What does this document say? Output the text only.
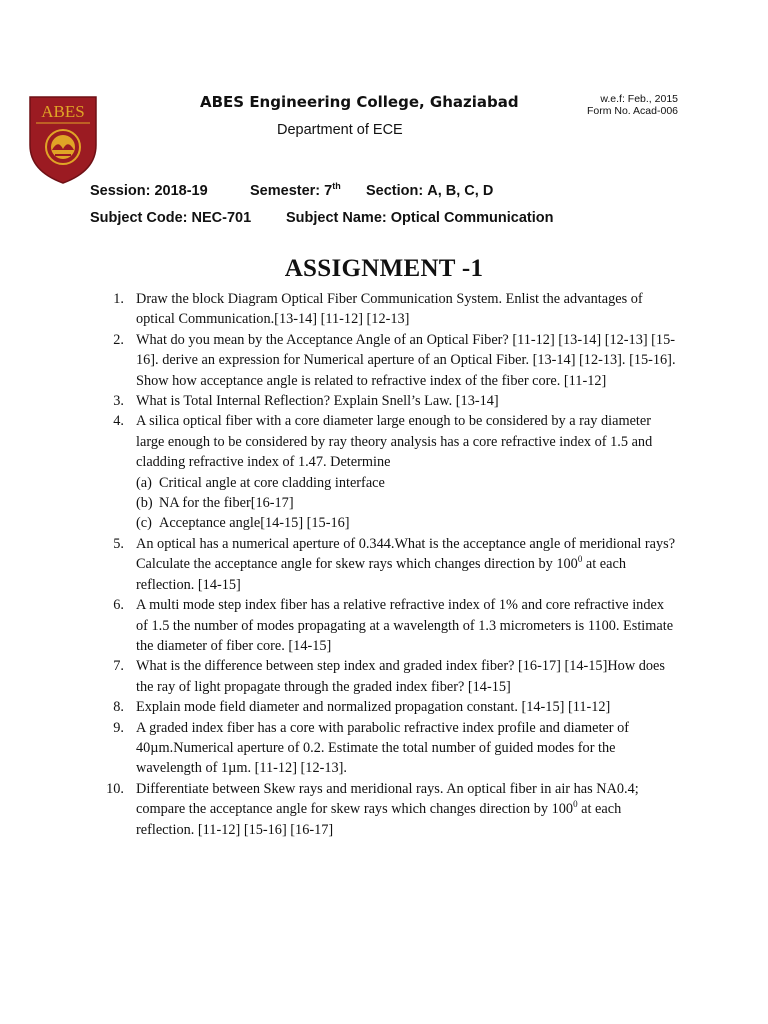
ABES	ABES Engineering College, Ghaziabad
Department of ECE
w.e.f: Feb., 2015
Form No. Acad-006
Session: 2018-19	Semester: 7th Section: A, B, C, D
Subject Code: NEC-701 Subject Name: Optical Communication
ASSIGNMENT -1
1. Draw the block Diagram Optical Fiber Communication System. Enlist the advantages of optical Communication.[13-14] [11-12] [12-13]
2. What do you mean by the Acceptance Angle of an Optical Fiber? [11-12] [13-14] [12-13] [15-16]. derive an expression for Numerical aperture of an Optical Fiber. [13-14] [12-13]. [15-16]. Show how acceptance angle is related to refractive index of the fiber core. [11-12]
3. What is Total Internal Reflection? Explain Snell’s Law. [13-14]
4. A silica optical fiber with a core diameter large enough to be considered by a ray diameter large enough to be considered by ray theory analysis has a core refractive index of 1.5 and cladding refractive index of 1.47. Determine
(a) Critical angle at core cladding interface
(b) NA for the fiber[16-17]
(c) Acceptance angle[14-15] [15-16]
5. An optical has a numerical aperture of 0.344.What is the acceptance angle of meridional rays? Calculate the acceptance angle for skew rays which changes direction by $100^0$ at each reflection. [14-15]
6. A multi mode step index fiber has a relative refractive index of 1% and core refractive index of 1.5 the number of modes propagating at a wavelength of 1.3 micrometers is 1100. Estimate the diameter of fiber core. [14-15]
7. What is the difference between step index and graded index fiber? [16-17] [14-15]How does the ray of light propagate through the graded index fiber? [14-15]
8. Explain mode field diameter and normalized propagation constant. [14-15] [11-12]
9. A graded index fiber has a core with parabolic refractive index profile and diameter of 40µm.Numerical aperture of 0.2. Estimate the total number of guided modes for the wavelength of 1µm. [11-12] [12-13].
10. Differentiate between Skew rays and meridional rays. An optical fiber in air has NA0.4; compare the acceptance angle for skew rays which changes direction by $100^0$ at each reflection. [11-12] [15-16] [16-17]
